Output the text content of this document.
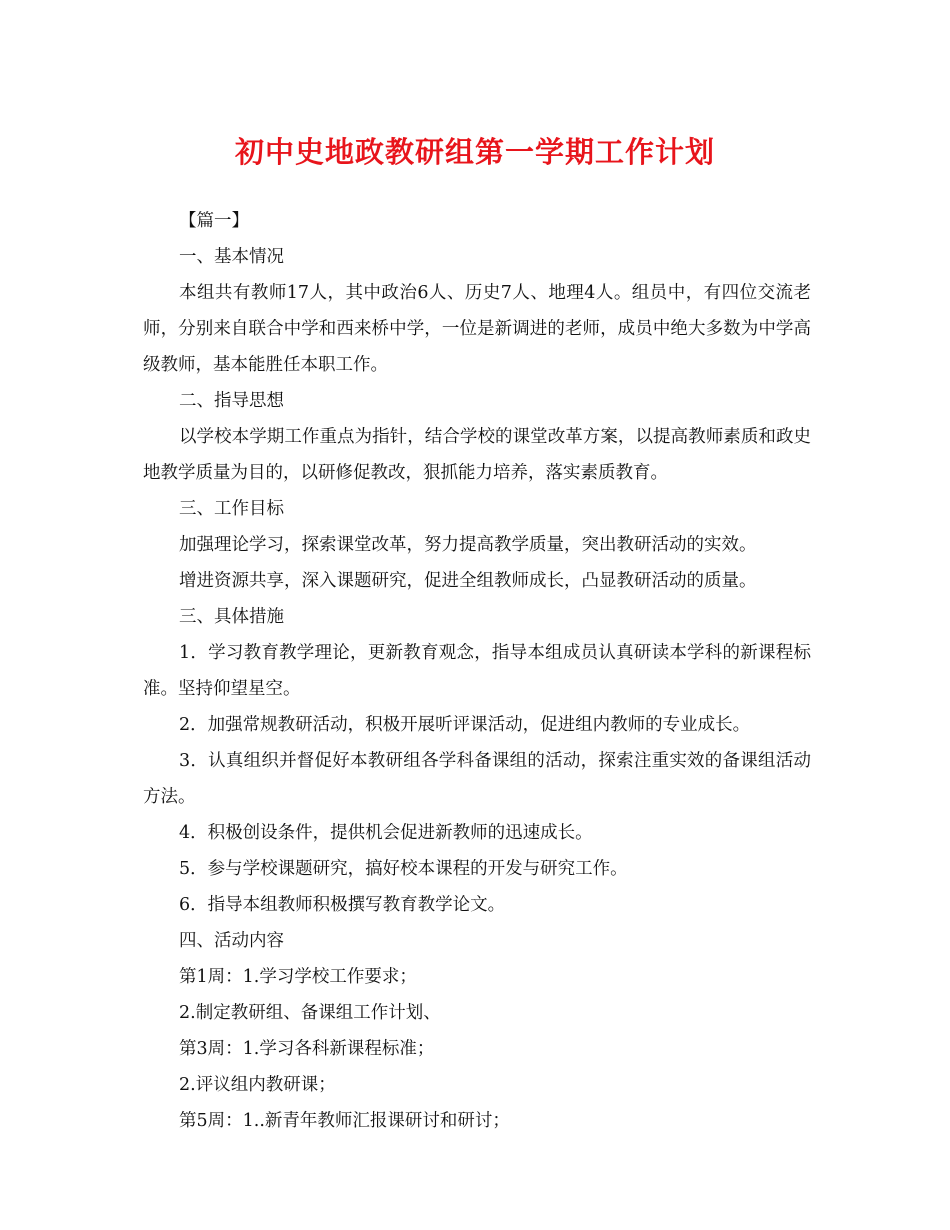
初中史地政教研组第一学期工作计划

【篇一】

一、基本情况

本组共有教师17人，其中政治6人、历史7人、地理4人。组员中，有四位交流老师，分别来自联合中学和西来桥中学，一位是新调进的老师，成员中绝大多数为中学高级教师，基本能胜任本职工作。

二、指导思想

以学校本学期工作重点为指针，结合学校的课堂改革方案，以提高教师素质和政史地教学质量为目的，以研修促教改，狠抓能力培养，落实素质教育。

三、工作目标

加强理论学习，探索课堂改革，努力提高教学质量，突出教研活动的实效。

增进资源共享，深入课题研究，促进全组教师成长，凸显教研活动的质量。

三、具体措施

1．学习教育教学理论，更新教育观念，指导本组成员认真研读本学科的新课程标准。坚持仰望星空。

2．加强常规教研活动，积极开展听评课活动，促进组内教师的专业成长。

3．认真组织并督促好本教研组各学科备课组的活动，探索注重实效的备课组活动方法。

4．积极创设条件，提供机会促进新教师的迅速成长。

5．参与学校课题研究，搞好校本课程的开发与研究工作。

6．指导本组教师积极撰写教育教学论文。

四、活动内容

第1周：1.学习学校工作要求；

2.制定教研组、备课组工作计划、

第3周：1.学习各科新课程标准；

2.评议组内教研课；

第5周：1..新青年教师汇报课研讨和研讨；
